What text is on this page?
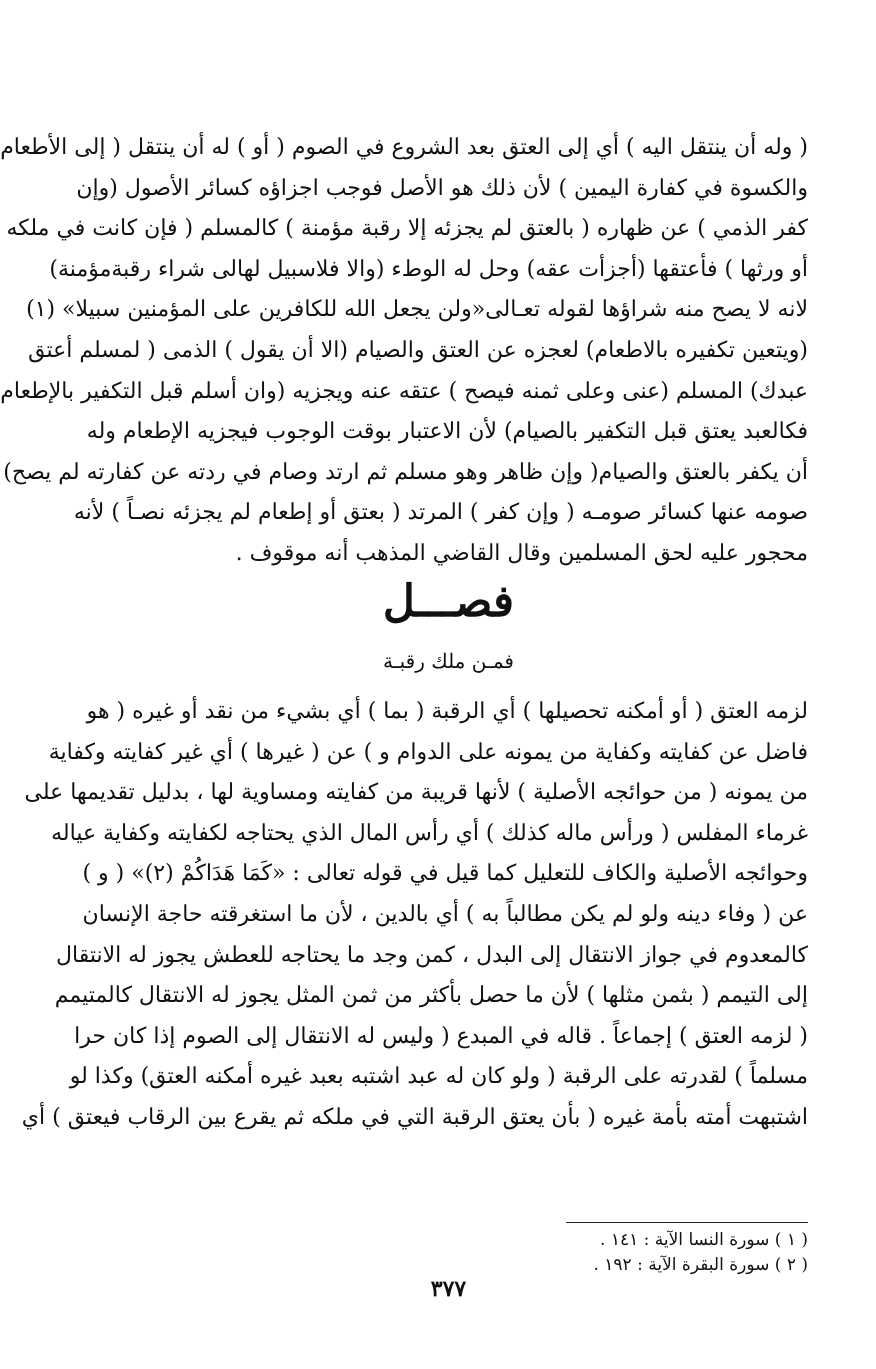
( وله أن ينتقل اليه ) أي إلى العتق بعد الشروع في الصوم ( أو ) له أن ينتقل ( إلى الأطعام
والكسوة في كفارة اليمين ) لأن ذلك هو الأصل فوجب اجزاؤه كسائر الأصول (وإن
كفر الذمي ) عن ظهاره ( بالعتق لم يجزئه إلا رقبة مؤمنة ) كالمسلم ( فإن كانت في ملكه
أو ورثها ) فأعتقها (أجزأت عقه) وحل له الوطء (والا فلاسبيل لهالى شراء رقبةمؤمنة)
لانه لا يصح منه شراؤها لقوله تعـالى«ولن يجعل الله للكافرين على المؤمنين سبيلا» (١)
(ويتعين تكفيره بالاطعام) لعجزه عن العتق والصيام (الا أن يقول ) الذمى ( لمسلم أعتق
عبدك) المسلم (عنى وعلى ثمنه فيصح ) عتقه عنه ويجزيه (وان أسلم قبل التكفير بالإطعام
فكالعبد يعتق قبل التكفير بالصيام) لأن الاعتبار بوقت الوجوب فيجزيه الإطعام وله
أن يكفر بالعتق والصيام( وإن ظاهر وهو مسلم ثم ارتد وصام في ردته عن كفارته لم يصح)
صومه عنها كسائر صومـه ( وإن كفر ) المرتد ( بعتق أو إطعام لم يجزئه نصـاً ) لأنه
محجور عليه لحق المسلمين وقال القاضي المذهب أنه موقوف .
فصـــل
فمـن ملك رقبـة
لزمه العتق ( أو أمكنه تحصيلها ) أي الرقبة ( بما ) أي بشيء من نقد أو غيره ( هو
فاضل عن كفايته وكفاية من يمونه على الدوام و ) عن ( غيرها ) أي غير كفايته وكفاية
من يمونه ( من حوائجه الأصلية ) لأنها قريبة من كفايته ومساوية لها ، بدليل تقديمها على
غرماء المفلس ( ورأس ماله كذلك ) أي رأس المال الذي يحتاجه لكفايته وكفاية عياله
وحوائجه الأصلية والكاف للتعليل كما قيل في قوله تعالى : «كَمَا هَدَاكُمْ (٢)» ( و )
عن ( وفاء دينه ولو لم يكن مطالباً به ) أي بالدين ، لأن ما استغرقته حاجة الإنسان
كالمعدوم في جواز الانتقال إلى البدل ، كمن وجد ما يحتاجه للعطش يجوز له الانتقال
إلى التيمم ( بثمن مثلها ) لأن ما حصل بأكثر من ثمن المثل يجوز له الانتقال كالمتيمم
( لزمه العتق ) إجماعاً . قاله في المبدع ( وليس له الانتقال إلى الصوم إذا كان حرا
مسلماً ) لقدرته على الرقبة ( ولو كان له عبد اشتبه بعبد غيره أمكنه العتق) وكذا لو
اشتبهت أمته بأمة غيره ( بأن يعتق الرقبة التي في ملكه ثم يقرع بين الرقاب فيعتق ) أي
( ١ ) سورة النسا الآية : ١٤١ .
( ٢ ) سورة البقرة الآية : ١٩٢ .
٣٧٧
